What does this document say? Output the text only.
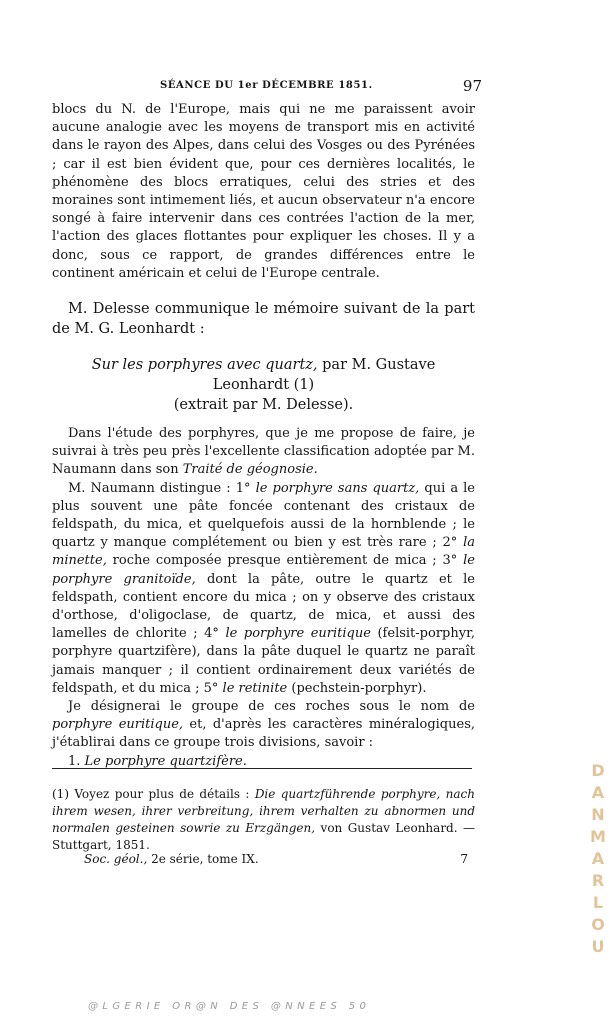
SÉANCE DU 1er DÉCEMBRE 1851.	97

blocs du N. de l'Europe, mais qui ne me paraissent avoir aucune analogie avec les moyens de transport mis en activité dans le rayon des Alpes, dans celui des Vosges ou des Pyrénées ; car il est bien évident que, pour ces dernières localités, le phénomène des blocs erratiques, celui des stries et des moraines sont intimement liés, et aucun observateur n'a encore songé à faire intervenir dans ces contrées l'action de la mer, l'action des glaces flottantes pour expliquer les choses. Il y a donc, sous ce rapport, de grandes différences entre le continent américain et celui de l'Europe centrale.

M. Delesse communique le mémoire suivant de la part de M. G. Leonhardt :

Sur les porphyres avec quartz, par M. Gustave Leonhardt (1)
(extrait par M. Delesse).

Dans l'étude des porphyres, que je me propose de faire, je suivrai à très peu près l'excellente classification adoptée par M. Naumann dans son Traité de géognosie.

M. Naumann distingue : 1° le porphyre sans quartz, qui a le plus souvent une pâte foncée contenant des cristaux de feldspath, du mica, et quelquefois aussi de la hornblende ; le quartz y manque complétement ou bien y est très rare ; 2° la minette, roche composée presque entièrement de mica ; 3° le porphyre granitoïde, dont la pâte, outre le quartz et le feldspath, contient encore du mica ; on y observe des cristaux d'orthose, d'oligoclase, de quartz, de mica, et aussi des lamelles de chlorite ; 4° le porphyre euritique (felsit-porphyr, porphyre quartzifère), dans la pâte duquel le quartz ne paraît jamais manquer ; il contient ordinairement deux variétés de feldspath, et du mica ; 5° le retinite (pechstein-porphyr).

Je désignerai le groupe de ces roches sous le nom de porphyre euritique, et, d'après les caractères minéralogiques, j'établirai dans ce groupe trois divisions, savoir :

1. Le porphyre quartzifère.

(1) Voyez pour plus de détails : Die quartzführende porphyre, nach ihrem wesen, ihrer verbreitung, ihrem verhalten zu abnormen und normalen gesteinen sowrie zu Erzgängen, von Gustav Leonhard. — Stuttgart, 1851.

Soc. géol., 2e série, tome IX.	7
D
A
N
M
A
R
L
O
U
@LGERIE OR@N DES @NNEES 50
